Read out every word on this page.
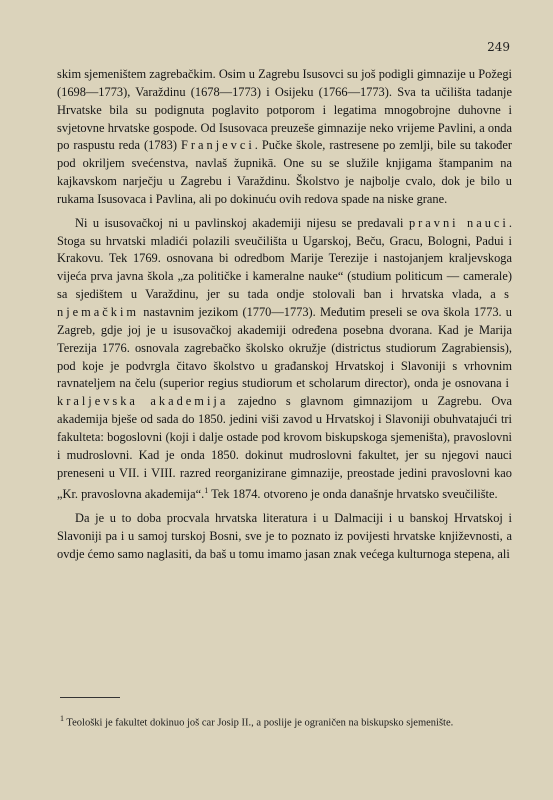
249

skim sjemeništem zagrebačkim. Osim u Zagrebu Isusovci su još podigli gimnazije u Požegi (1698—1773), Varaždinu (1678—1773) i Osijeku (1766—1773). Sva ta učilišta tadanje Hrvatske bila su podignuta poglavito potporom i legatima mnogobrojne duhovne i svjetovne hrvatske gospode. Od Isusovaca preuzeše gimnazije neko vrijeme Pavlini, a onda po raspustu reda (1783) Franjevci. Pučke škole, rastresene po zemlji, bile su također pod okriljem svećenstva, navlaš župnikā. One su se služile knjigama štampanim na kajkavskom narječju u Zagrebu i Varaždinu. Školstvo je najbolje cvalo, dok je bilo u rukama Isusovaca i Pavlina, ali po dokinuću ovih redova spade na niske grane.

Ni u isusovačkoj ni u pavlinskoj akademiji nijesu se predavali pravni nauci. Stoga su hrvatski mladići polazili sveučilišta u Ugarskoj, Beču, Gracu, Bologni, Padui i Krakovu. Tek 1769. osnovana bi odredbom Marije Terezije i nastojanjem kraljevskoga vijeća prva javna škola „za političke i kameralne nauke“ (studium politicum — camerale) sa sjedištem u Varaždinu, jer su tada ondje stolovali ban i hrvatska vlada, a s njemačkim nastavnim jezikom (1770—1773). Međutim preseli se ova škola 1773. u Zagreb, gdje joj je u isusovačkoj akademiji određena posebna dvorana. Kad je Marija Terezija 1776. osnovala zagrebačko školsko okružje (districtus studiorum Zagrabiensis), pod koje je podvrgla čitavo školstvo u građanskoj Hrvatskoj i Slavoniji s vrhovnim ravnateljem na čelu (superior regius studiorum et scholarum director), onda je osnovana i kraljevska akademija zajedno s glavnom gimnazijom u Zagrebu. Ova akademija bješe od sada do 1850. jedini viši zavod u Hrvatskoj i Slavoniji obuhvatajući tri fakulteta: bogoslovni (koji i dalje ostade pod krovom biskupskoga sjemeništa), pravoslovni i mudroslovni. Kad je onda 1850. dokinut mudroslovni fakultet, jer su njegovi nauci preneseni u VII. i VIII. razred reorganizirane gimnazije, preostade jedini pravoslovni kao „Kr. pravoslovna akademija“.$^1$ Tek 1874. otvoreno je onda današnje hrvatsko sveučilište.

Da je u to doba procvala hrvatska literatura i u Dalmaciji i u banskoj Hrvatskoj i Slavoniji pa i u samoj turskoj Bosni, sve je to poznato iz povijesti hrvatske književnosti, a ovdje ćemo samo naglasiti, da baš u tomu imamo jasan znak većega kulturnoga stepena, ali

$^1$ Teološki je fakultet dokinuo još car Josip II., a poslije je ograničen na biskupsko sjemenište.
